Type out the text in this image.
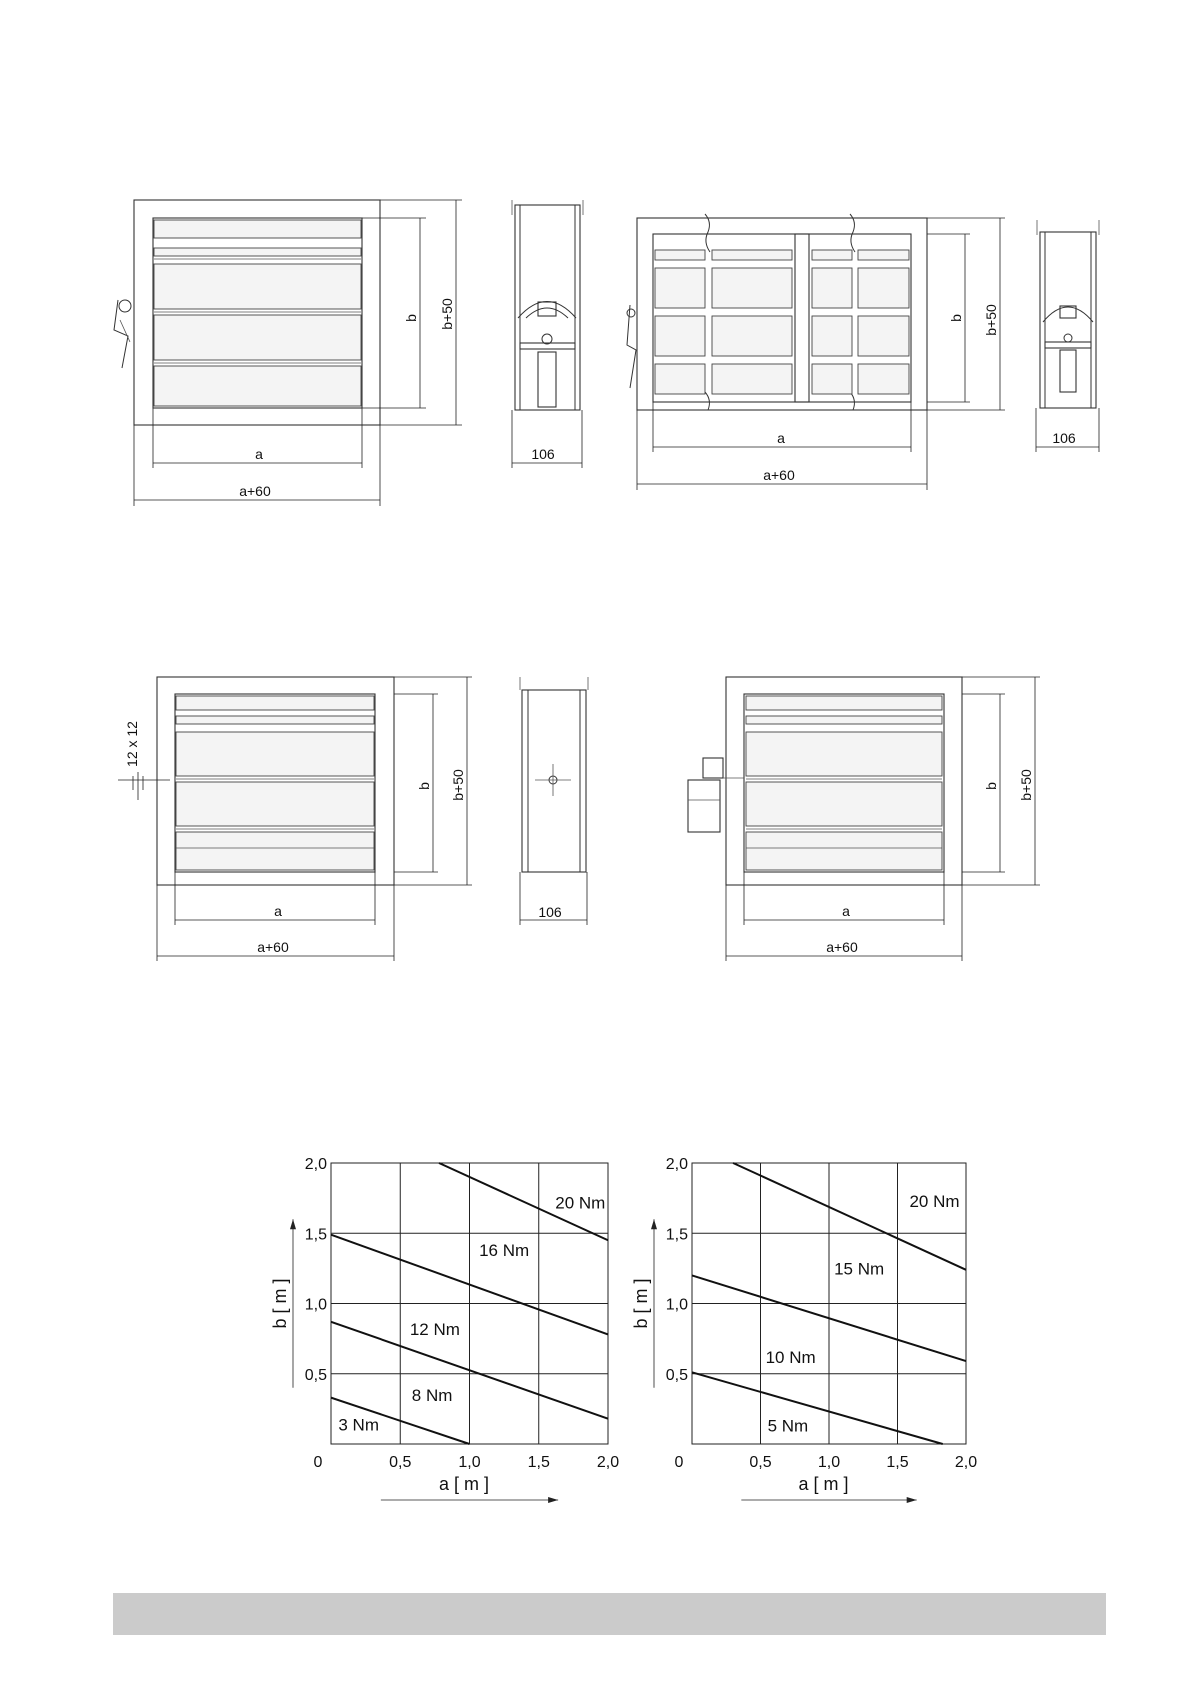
b b+50
a
a+60
106
b b+50
a
a+60
106
12 x 12
b b+50
a
a+60
106
b b+50
a
a+60
0,5	1,0	1,5	2,0
0
0,5
1,0
1,5
2,0
a [ m ]
b [ m ]
3 Nm
8 Nm
12 Nm
16 Nm
20 Nm
0,5	1,0	1,5	2,0
0
0,5
1,0
1,5
2,0
a [ m ]
b [ m ]
5 Nm
10 Nm
15 Nm
20 Nm
